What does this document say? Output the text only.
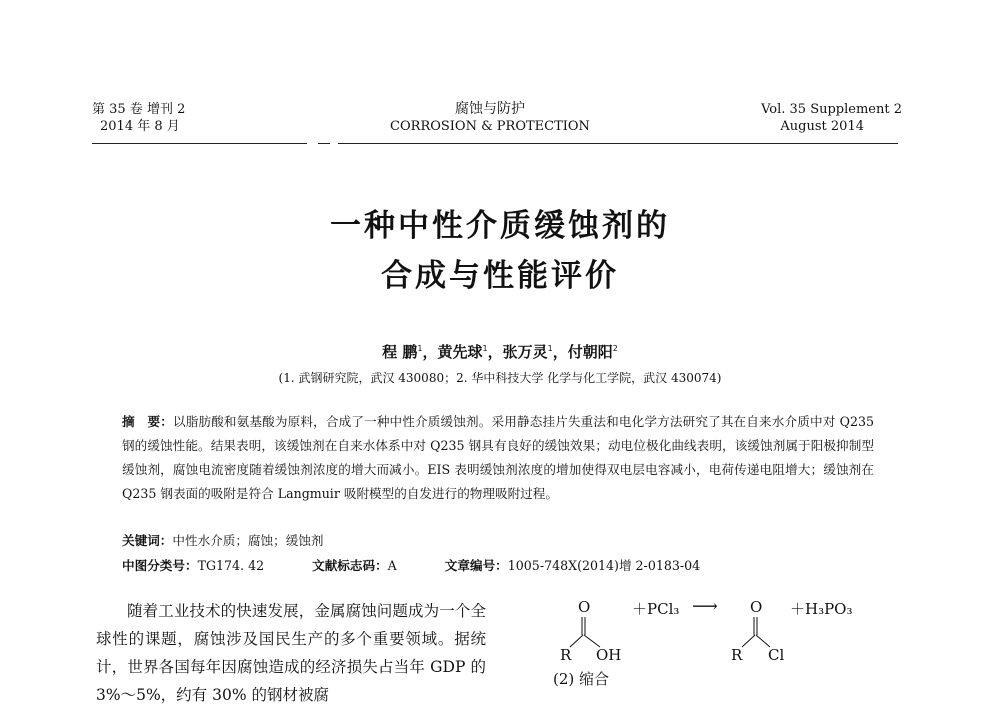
第 35 卷 增刊 2
2014 年 8 月
腐蚀与防护
CORROSION & PROTECTION
Vol. 35 Supplement 2
August 2014
一种中性介质缓蚀剂的
合成与性能评价
程 鹏$^1$，黄先球$^1$，张万灵$^1$，付朝阳$^2$
(1. 武钢研究院，武汉 430080；2. 华中科技大学 化学与化工学院，武汉 430074)
摘　要：以脂肪酸和氨基酸为原料，合成了一种中性介质缓蚀剂。采用静态挂片失重法和电化学方法研究了其在自来水介质中对 Q235 钢的缓蚀性能。结果表明，该缓蚀剂在自来水体系中对 Q235 钢具有良好的缓蚀效果；动电位极化曲线表明，该缓蚀剂属于阳极抑制型缓蚀剂，腐蚀电流密度随着缓蚀剂浓度的增大而减小。EIS 表明缓蚀剂浓度的增加使得双电层电容减小，电荷传递电阻增大；缓蚀剂在 Q235 钢表面的吸附是符合 Langmuir 吸附模型的自发进行的物理吸附过程。
关键词：中性水介质；腐蚀；缓蚀剂
中图分类号：TG174. 42	文献标志码：A	文章编号：1005-748X(2014)增 2-0183-04
随着工业技术的快速发展，金属腐蚀问题成为一个全球性的课题，腐蚀涉及国民生产的多个重要领域。据统计，世界各国每年因腐蚀造成的经济损失占当年 GDP 的 3%～5%，约有 30% 的钢材被腐
O
R OH
＋PCl₃ ⟶ O
R Cl
＋H₃PO₃
(2) 缩合
